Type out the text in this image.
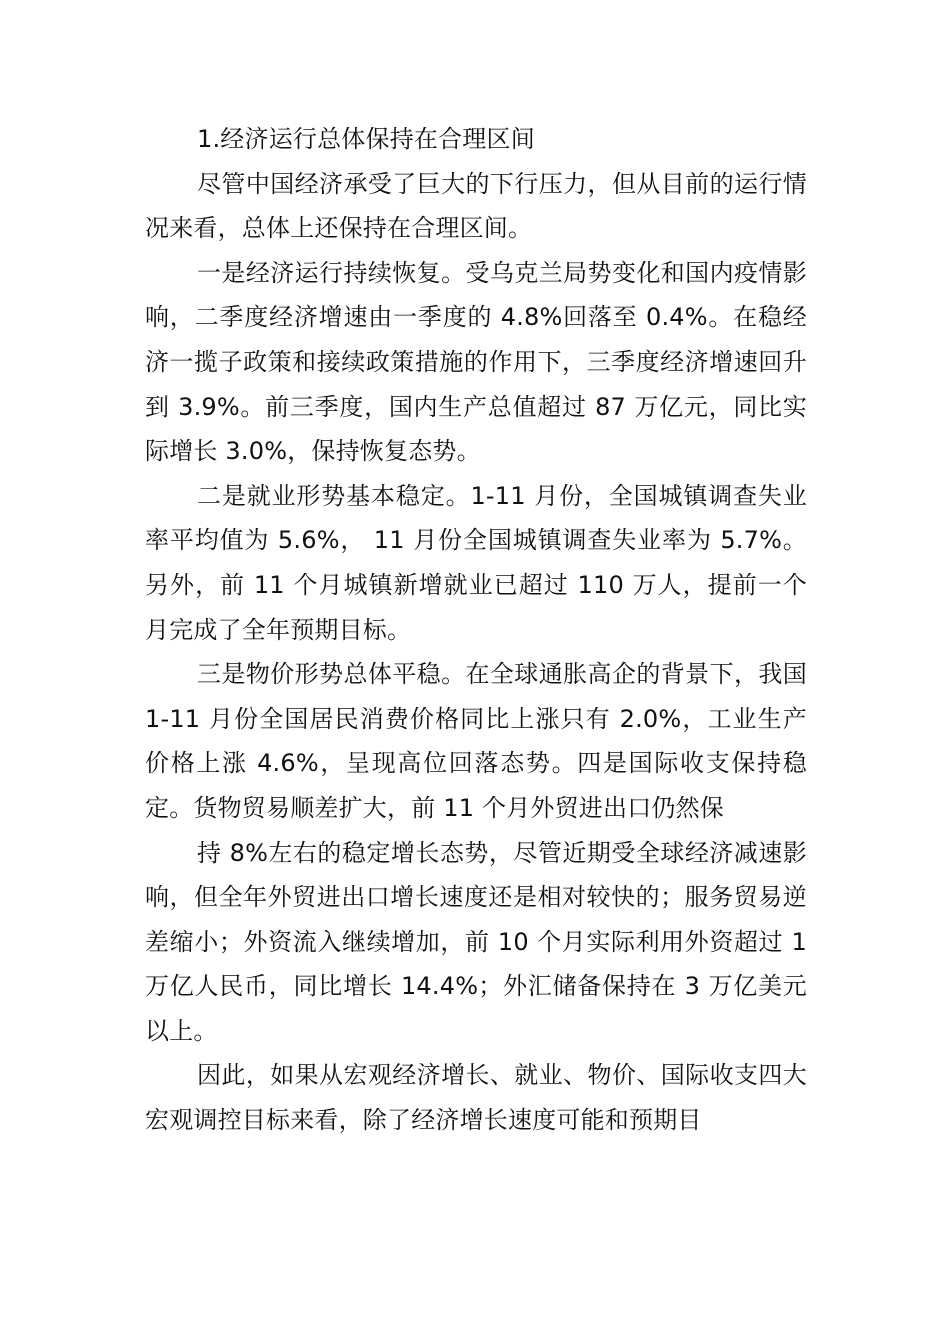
1.经济运行总体保持在合理区间

尽管中国经济承受了巨大的下行压力，但从目前的运行情况来看，总体上还保持在合理区间。

一是经济运行持续恢复。受乌克兰局势变化和国内疫情影响，二季度经济增速由一季度的 4.8%回落至 0.4%。在稳经济一揽子政策和接续政策措施的作用下，三季度经济增速回升到 3.9%。前三季度，国内生产总值超过 87 万亿元，同比实际增长 3.0%，保持恢复态势。

二是就业形势基本稳定。1-11 月份，全国城镇调查失业率平均值为 5.6%， 11 月份全国城镇调查失业率为 5.7%。另外，前 11 个月城镇新增就业已超过 110 万人，提前一个月完成了全年预期目标。

三是物价形势总体平稳。在全球通胀高企的背景下，我国 1-11 月份全国居民消费价格同比上涨只有 2.0%，工业生产价格上涨 4.6%，呈现高位回落态势。四是国际收支保持稳定。货物贸易顺差扩大，前 11 个月外贸进出口仍然保

持 8%左右的稳定增长态势，尽管近期受全球经济减速影响，但全年外贸进出口增长速度还是相对较快的；服务贸易逆差缩小；外资流入继续增加，前 10 个月实际利用外资超过 1 万亿人民币，同比增长 14.4%；外汇储备保持在 3 万亿美元以上。

因此，如果从宏观经济增长、就业、物价、国际收支四大宏观调控目标来看，除了经济增长速度可能和预期目
